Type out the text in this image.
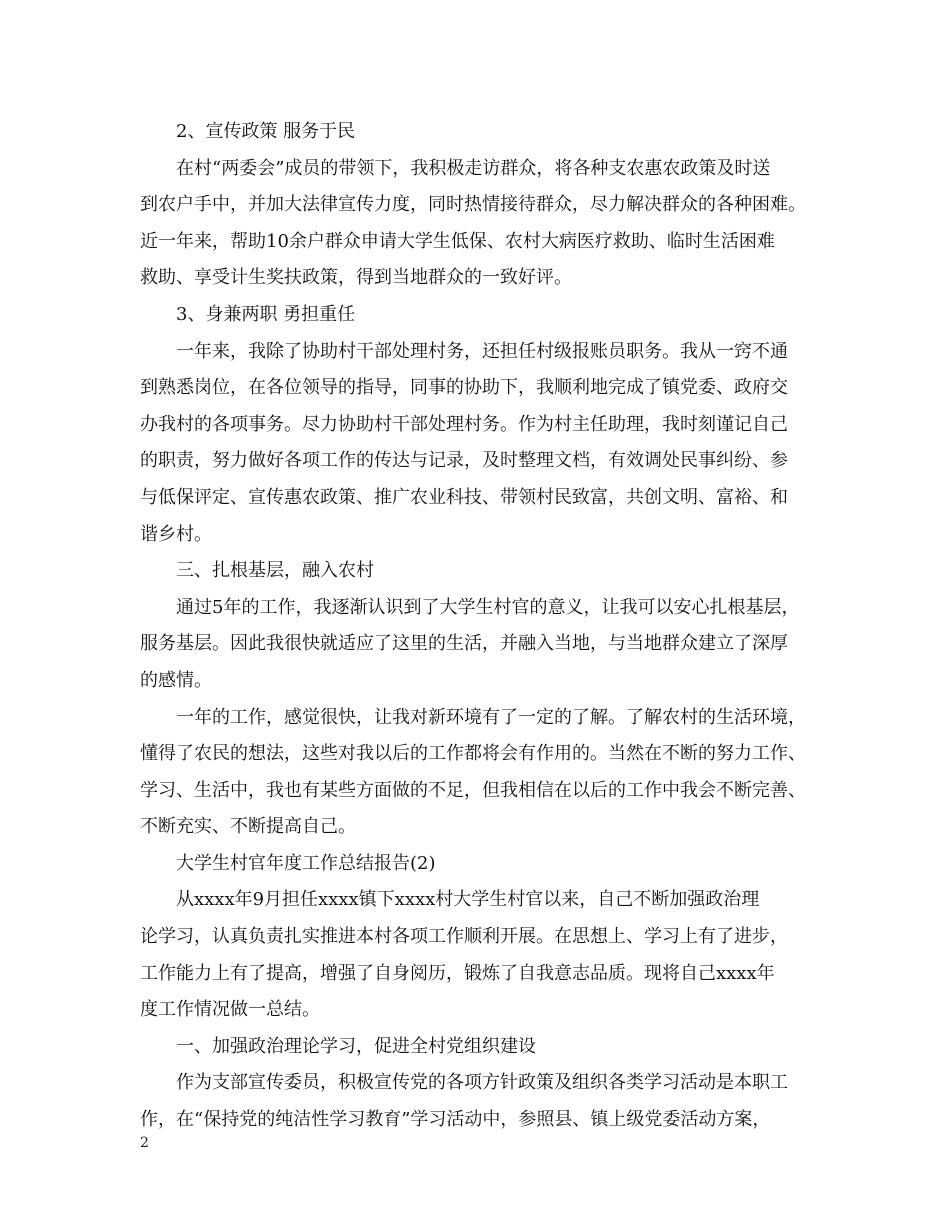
2、宣传政策 服务于民
在村“两委会”成员的带领下，我积极走访群众，将各种支农惠农政策及时送
到农户手中，并加大法律宣传力度，同时热情接待群众，尽力解决群众的各种困难。
近一年来，帮助10余户群众申请大学生低保、农村大病医疗救助、临时生活困难
救助、享受计生奖扶政策，得到当地群众的一致好评。
3、身兼两职 勇担重任
一年来，我除了协助村干部处理村务，还担任村级报账员职务。我从一窍不通
到熟悉岗位，在各位领导的指导，同事的协助下，我顺利地完成了镇党委、政府交
办我村的各项事务。尽力协助村干部处理村务。作为村主任助理，我时刻谨记自己
的职责，努力做好各项工作的传达与记录，及时整理文档，有效调处民事纠纷、参
与低保评定、宣传惠农政策、推广农业科技、带领村民致富，共创文明、富裕、和
谐乡村。
三、扎根基层，融入农村
通过5年的工作，我逐渐认识到了大学生村官的意义，让我可以安心扎根基层，
服务基层。因此我很快就适应了这里的生活，并融入当地，与当地群众建立了深厚
的感情。
一年的工作，感觉很快，让我对新环境有了一定的了解。了解农村的生活环境，
懂得了农民的想法，这些对我以后的工作都将会有作用的。当然在不断的努力工作、
学习、生活中，我也有某些方面做的不足，但我相信在以后的工作中我会不断完善、
不断充实、不断提高自己。
大学生村官年度工作总结报告(2)
从xxxx年9月担任xxxx镇下xxxx村大学生村官以来，自己不断加强政治理
论学习，认真负责扎实推进本村各项工作顺利开展。在思想上、学习上有了进步，
工作能力上有了提高，增强了自身阅历，锻炼了自我意志品质。现将自己xxxx年
度工作情况做一总结。
一、加强政治理论学习，促进全村党组织建设
作为支部宣传委员，积极宣传党的各项方针政策及组织各类学习活动是本职工
作，在“保持党的纯洁性学习教育”学习活动中，参照县、镇上级党委活动方案，
2
